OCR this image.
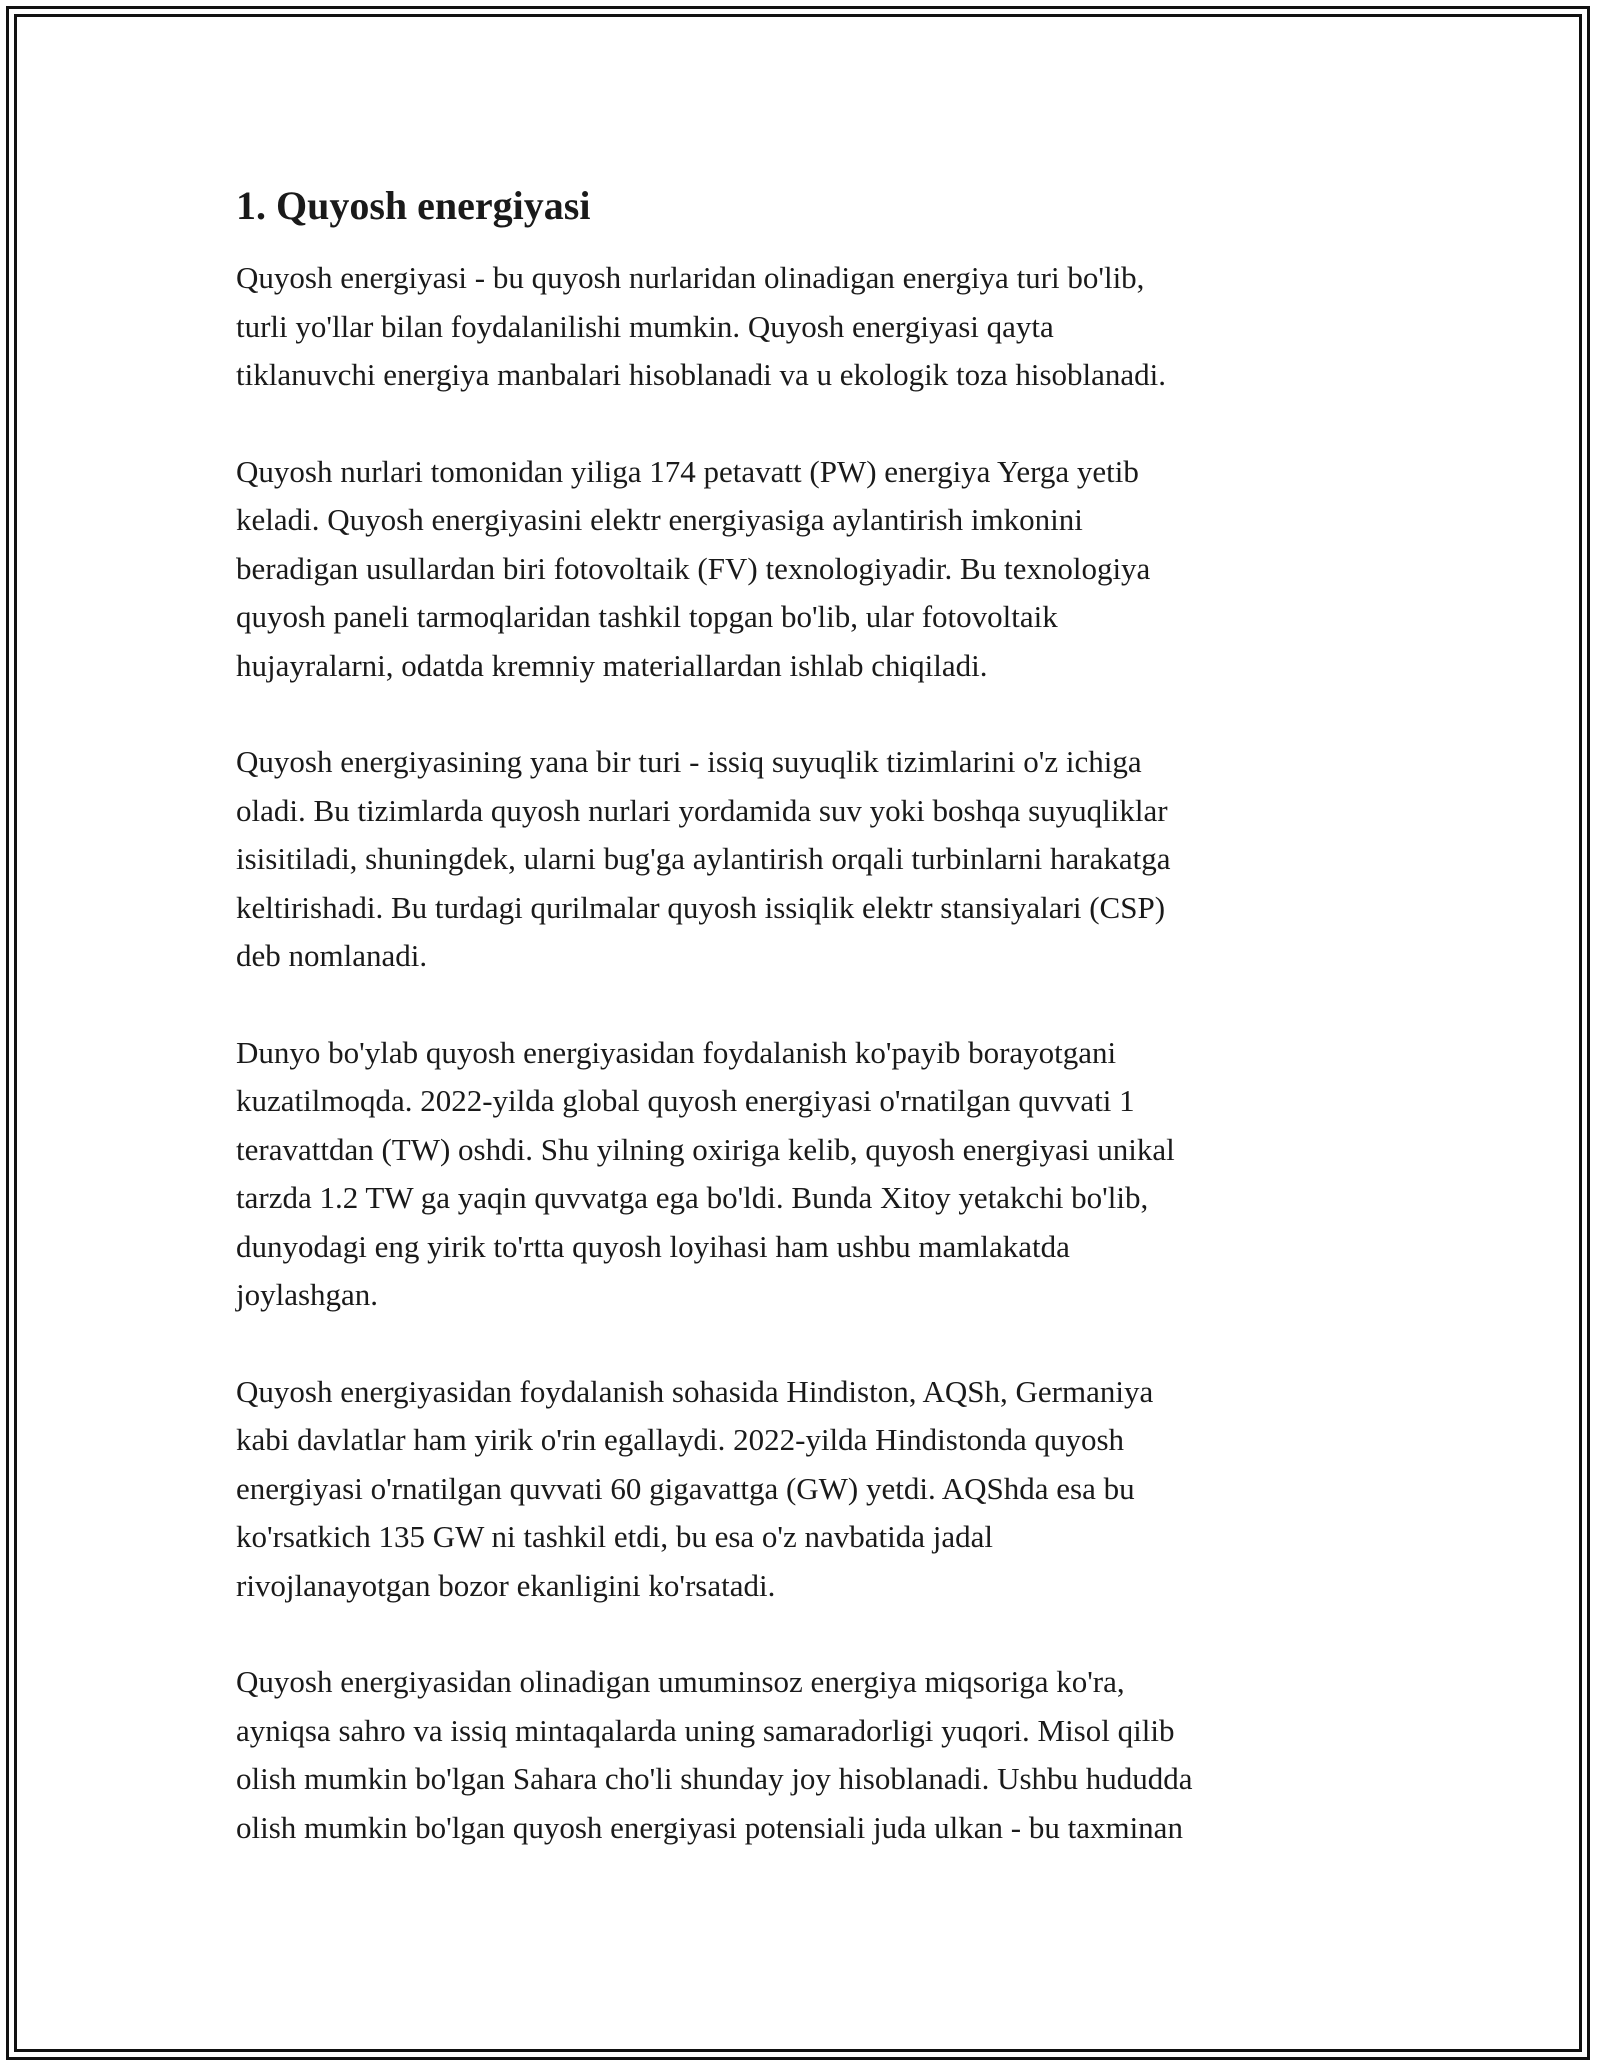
1. Quyosh energiyasi

Quyosh energiyasi - bu quyosh nurlaridan olinadigan energiya turi bo'lib,
turli yo'llar bilan foydalanilishi mumkin. Quyosh energiyasi qayta
tiklanuvchi energiya manbalari hisoblanadi va u ekologik toza hisoblanadi.

Quyosh nurlari tomonidan yiliga 174 petavatt (PW) energiya Yerga yetib
keladi. Quyosh energiyasini elektr energiyasiga aylantirish imkonini
beradigan usullardan biri fotovoltaik (FV) texnologiyadir. Bu texnologiya
quyosh paneli tarmoqlaridan tashkil topgan bo'lib, ular fotovoltaik
hujayralarni, odatda kremniy materiallardan ishlab chiqiladi.

Quyosh energiyasining yana bir turi - issiq suyuqlik tizimlarini o'z ichiga
oladi. Bu tizimlarda quyosh nurlari yordamida suv yoki boshqa suyuqliklar
isisitiladi, shuningdek, ularni bug'ga aylantirish orqali turbinlarni harakatga
keltirishadi. Bu turdagi qurilmalar quyosh issiqlik elektr stansiyalari (CSP)
deb nomlanadi.

Dunyo bo'ylab quyosh energiyasidan foydalanish ko'payib borayotgani
kuzatilmoqda. 2022-yilda global quyosh energiyasi o'rnatilgan quvvati 1
teravattdan (TW) oshdi. Shu yilning oxiriga kelib, quyosh energiyasi unikal
tarzda 1.2 TW ga yaqin quvvatga ega bo'ldi. Bunda Xitoy yetakchi bo'lib,
dunyodagi eng yirik to'rtta quyosh loyihasi ham ushbu mamlakatda
joylashgan.

Quyosh energiyasidan foydalanish sohasida Hindiston, AQSh, Germaniya
kabi davlatlar ham yirik o'rin egallaydi. 2022-yilda Hindistonda quyosh
energiyasi o'rnatilgan quvvati 60 gigavattga (GW) yetdi. AQShda esa bu
ko'rsatkich 135 GW ni tashkil etdi, bu esa o'z navbatida jadal
rivojlanayotgan bozor ekanligini ko'rsatadi.

Quyosh energiyasidan olinadigan umuminsoz energiya miqsoriga ko'ra,
ayniqsa sahro va issiq mintaqalarda uning samaradorligi yuqori. Misol qilib
olish mumkin bo'lgan Sahara cho'li shunday joy hisoblanadi. Ushbu hududda
olish mumkin bo'lgan quyosh energiyasi potensiali juda ulkan - bu taxminan
